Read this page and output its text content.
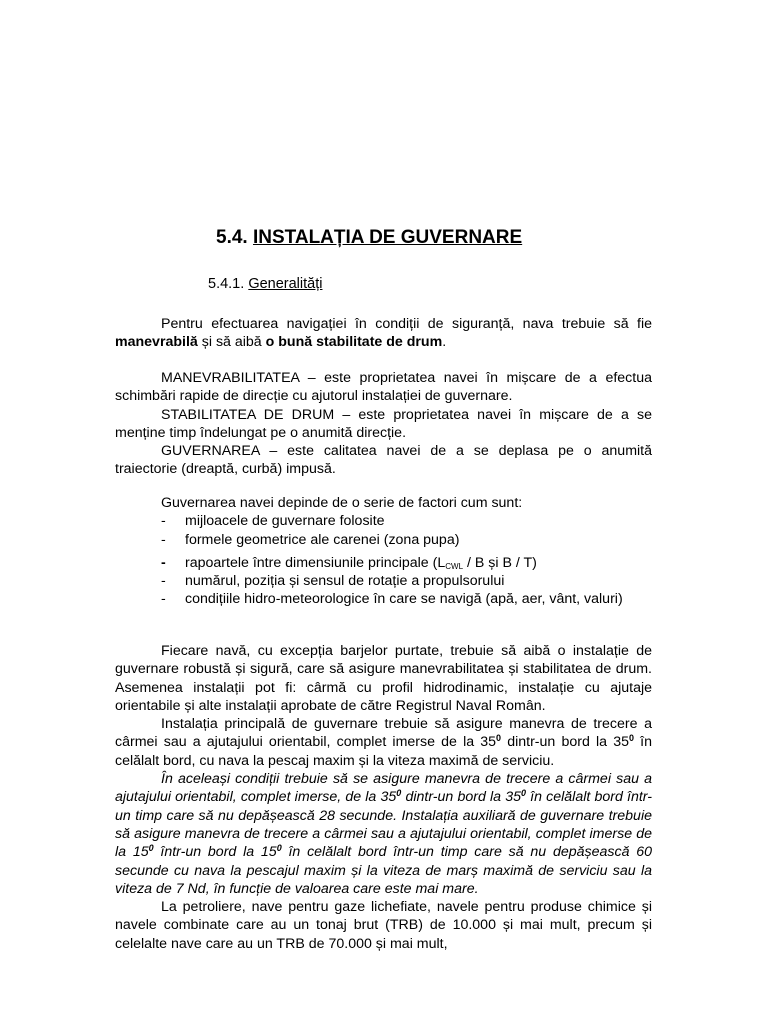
5.4. INSTALAȚIA DE GUVERNARE
5.4.1. Generalități

Pentru efectuarea navigației în condiții de siguranță, nava trebuie să fie manevrabilă și să aibă o bună stabilitate de drum.

MANEVRABILITATEA – este proprietatea navei în mișcare de a efectua    schimbări rapide de direcție cu ajutorul instalației de guvernare.

STABILITATEA DE DRUM – este proprietatea navei în mișcare de a se menține timp îndelungat pe o anumită direcție.

GUVERNAREA – este calitatea navei de a se deplasa pe o anumită traiectorie (dreaptă, curbă) impusă.

Guvernarea navei depinde de o serie de factori cum sunt:

- mijloacele de guvernare folosite
- formele geometrice ale carenei (zona pupa)
- rapoartele între dimensiunile principale ($L_{CWL}$ / B și B / T)
- numărul, poziția și sensul de rotație a propulsorului
- condițiile hidro-meteorologice în care se navigă (apă, aer, vânt, valuri)

Fiecare navă, cu excepția barjelor purtate, trebuie să aibă o instalație de guvernare robustă și sigură, care să asigure manevrabilitatea și stabilitatea de drum. Asemenea instalații pot fi: cârmă cu profil hidrodinamic, instalație cu ajutaje orientabile și alte instalații aprobate de către Registrul Naval Român.

Instalația principală de guvernare trebuie să asigure manevra de trecere a cârmei sau a ajutajului orientabil, complet imerse de la $35^0$ dintr-un bord la $35^0$ în celălalt bord, cu nava la pescaj maxim și la viteza maximă de serviciu.

În aceleași condiții trebuie să se asigure manevra de trecere a cârmei sau a ajutajului orientabil, complet imerse, de la $35^0$ dintr-un bord la $35^0$ în celălalt bord într-un timp care să nu depășească 28 secunde. Instalația auxiliară de guvernare trebuie să asigure manevra de trecere a cârmei sau a ajutajului orientabil, complet imerse de la $15^0$ într-un bord la $15^0$ în celălalt bord într-un timp care să nu depășească 60 secunde cu nava la pescajul maxim și la viteza de marș maximă de serviciu sau la viteza de 7 Nd, în funcție de valoarea care este mai mare.

La petroliere, nave pentru gaze lichefiate, navele pentru produse chimice și navele combinate care au un tonaj brut (TRB) de 10.000 și mai mult, precum și celelalte nave care au un TRB de 70.000 și mai mult,
